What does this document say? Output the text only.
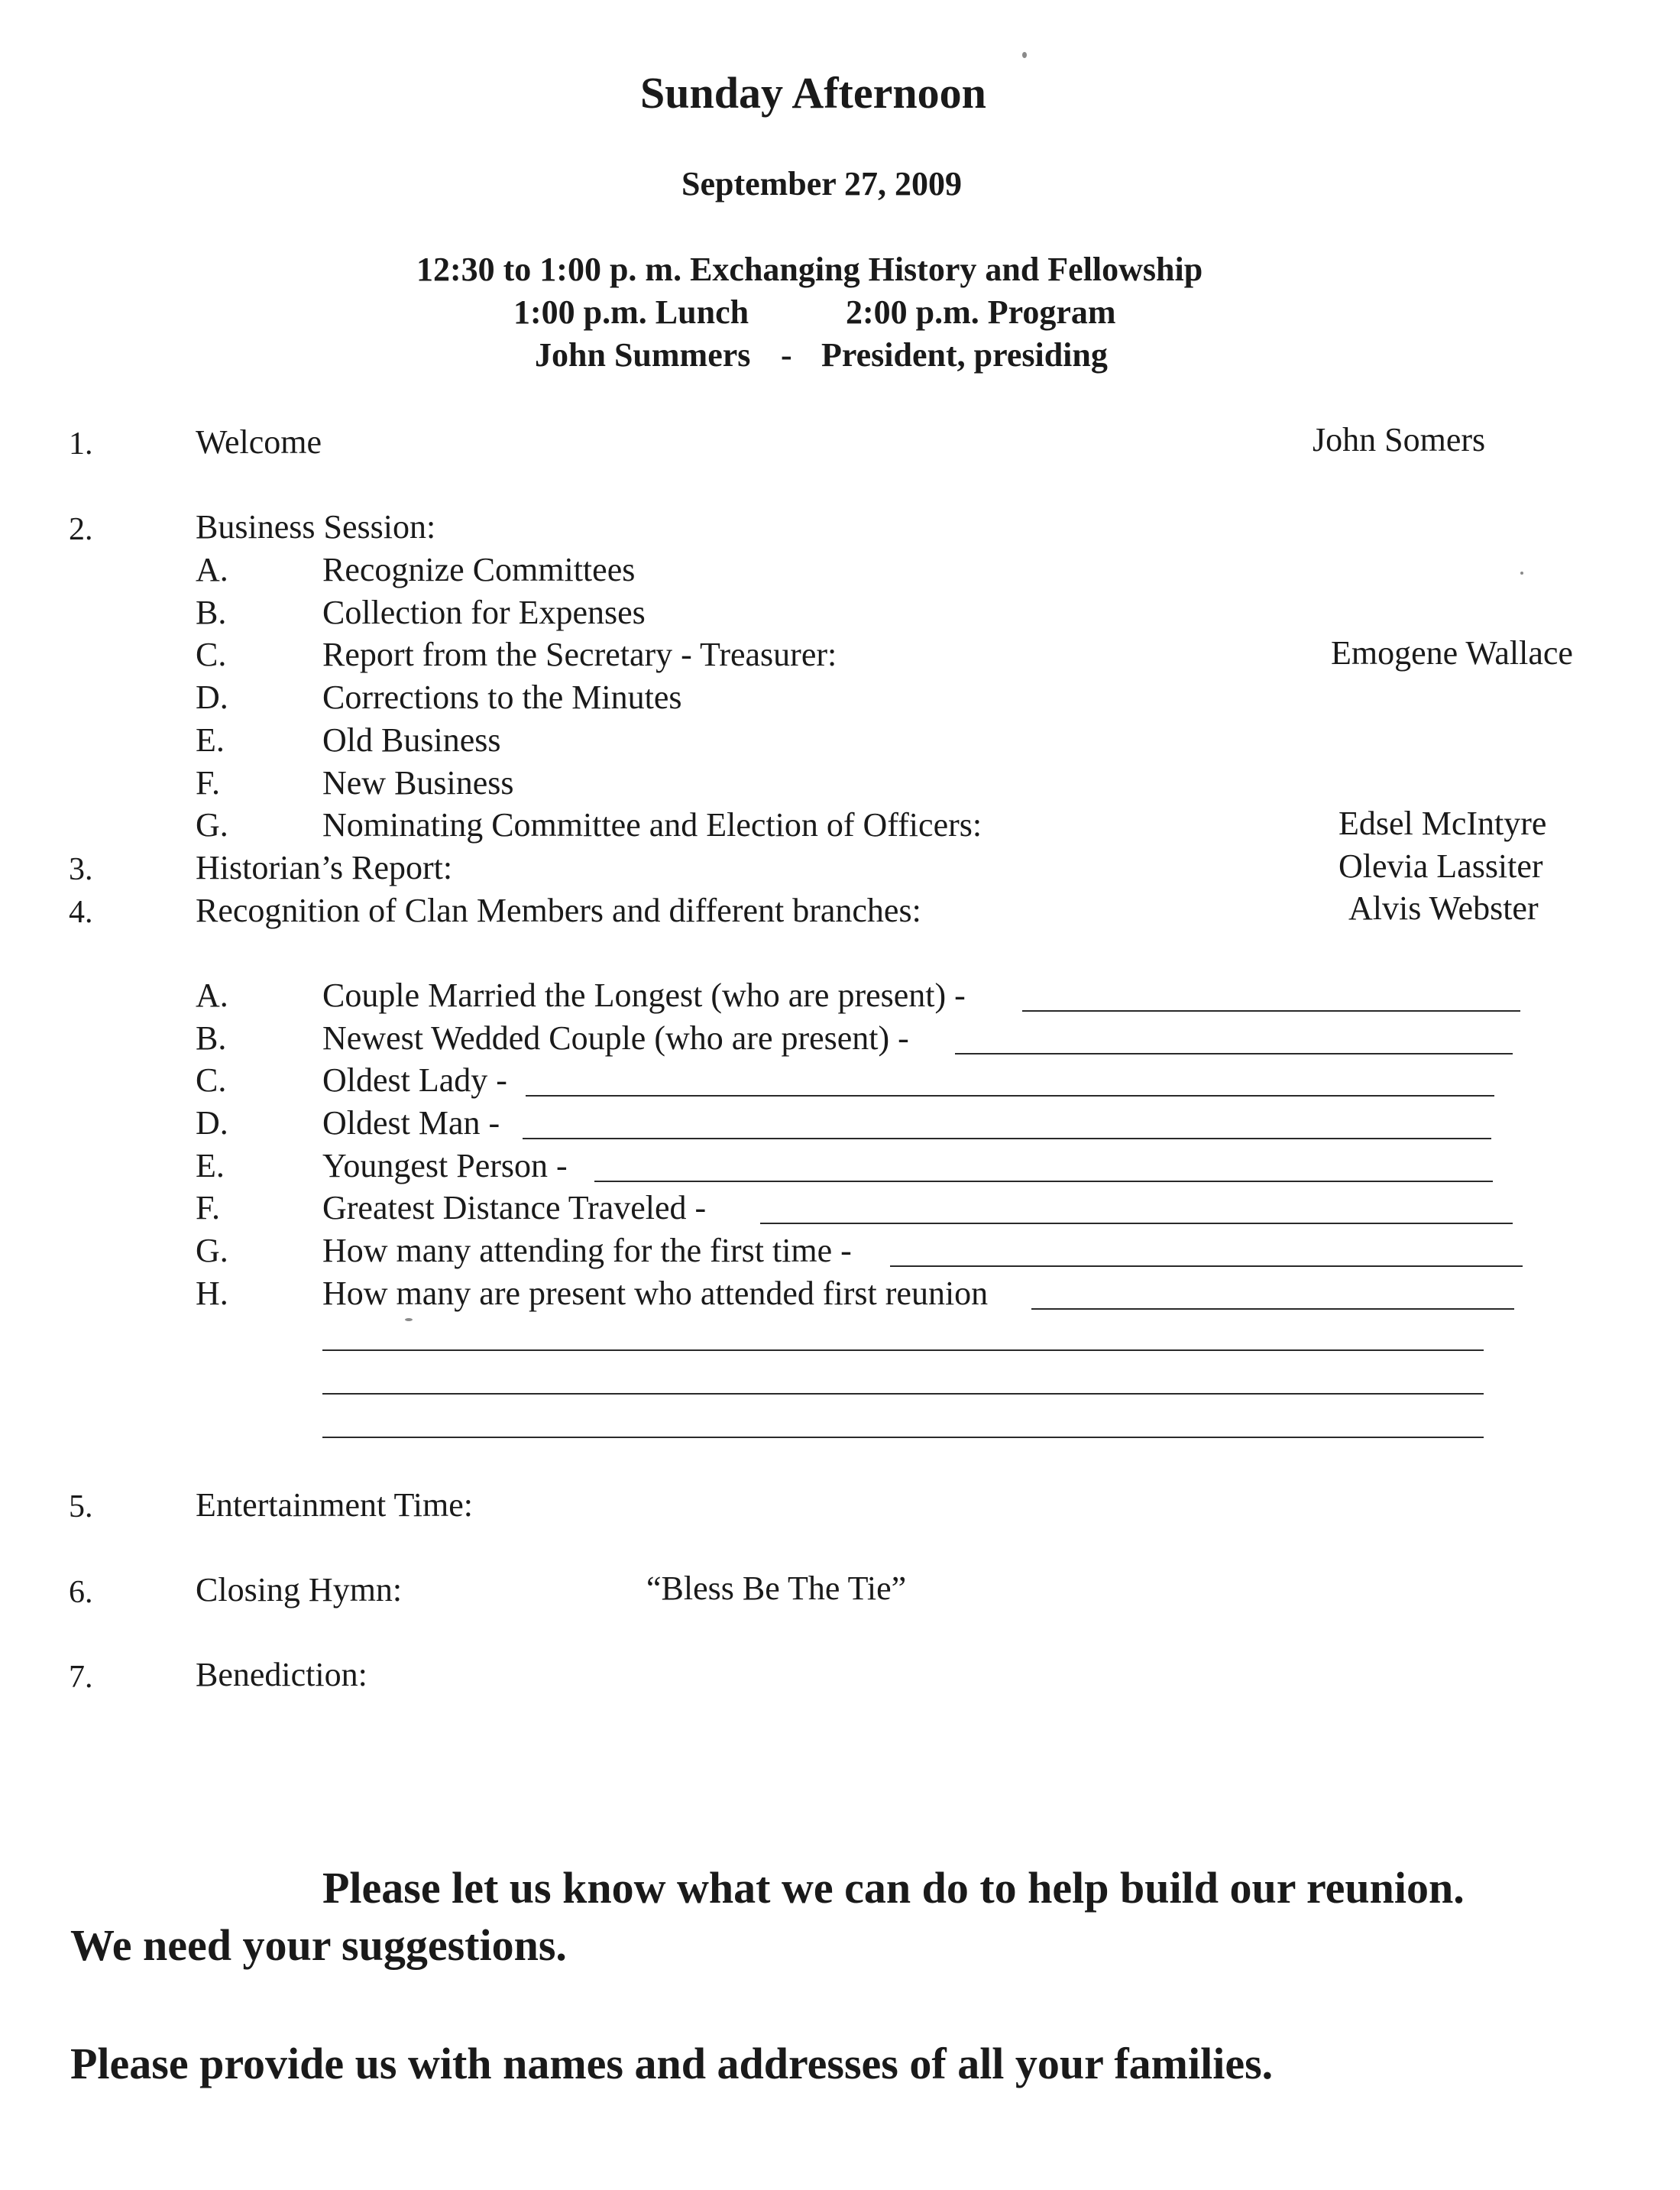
Sunday Afternoon
September 27, 2009
12:30 to 1:00 p. m. Exchanging History and Fellowship
1:00 p.m. Lunch	2:00 p.m. Program
John Summers - President, presiding
1.	Welcome	John Somers
2.	Business Session:
A.	Recognize Committees
B.	Collection for Expenses
C.	Report from the Secretary - Treasurer:	Emogene Wallace
D.	Corrections to the Minutes
E.	Old Business
F.	New Business
G.	Nominating Committee and Election of Officers:	Edsel McIntyre
3.	Historian’s Report:	Olevia Lassiter
4.	Recognition of Clan Members and different branches:	Alvis Webster
A.	Couple Married the Longest (who are present) -
B.	Newest Wedded Couple (who are present) -
C.	Oldest Lady -
D.	Oldest Man -
E.	Youngest Person -
F.	Greatest Distance Traveled -
G.	How many attending for the first time -
H.	How many are present who attended first reunion
5.	Entertainment Time:
6.	Closing Hymn:	“Bless Be The Tie”
7.	Benediction:
Please let us know what we can do to help build our reunion.
We need your suggestions.
Please provide us with names and addresses of all your families.
